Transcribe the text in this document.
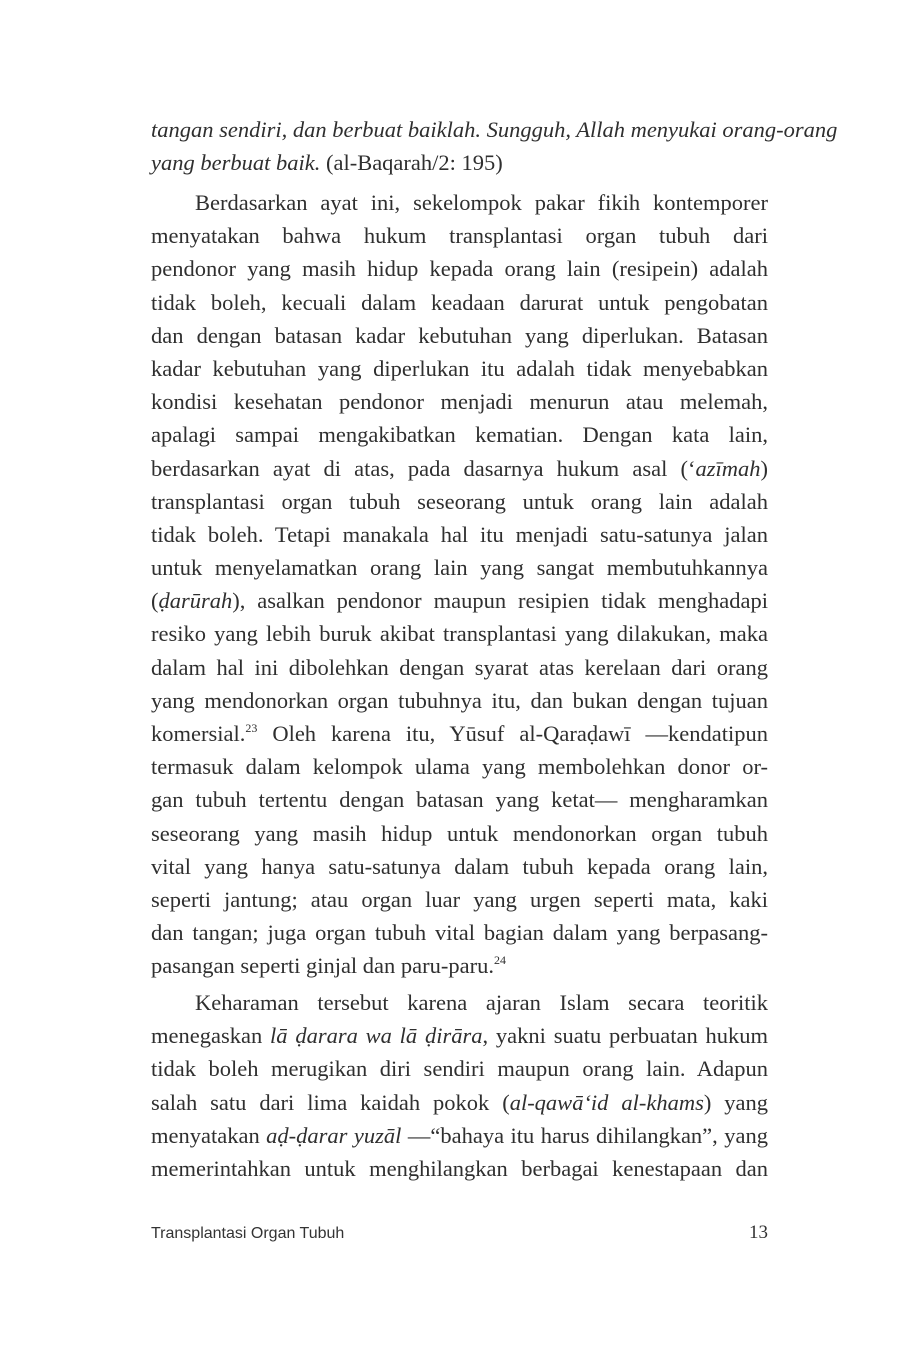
tangan sendiri, dan berbuat baiklah. Sungguh, Allah menyukai orang-orang
yang berbuat baik. (al-Baqarah/2: 195)
Berdasarkan ayat ini, sekelompok pakar fikih kontemporer
menyatakan bahwa hukum transplantasi organ tubuh dari
pendonor yang masih hidup kepada orang lain (resipein) adalah
tidak boleh, kecuali dalam keadaan darurat untuk pengobatan
dan dengan batasan kadar kebutuhan yang diperlukan. Batasan
kadar kebutuhan yang diperlukan itu adalah tidak menyebabkan
kondisi kesehatan pendonor menjadi menurun atau melemah,
apalagi sampai mengakibatkan kematian. Dengan kata lain,
berdasarkan ayat di atas, pada dasarnya hukum asal (‘azīmah)
transplantasi organ tubuh seseorang untuk orang lain adalah
tidak boleh. Tetapi manakala hal itu menjadi satu-satunya jalan
untuk menyelamatkan orang lain yang sangat membutuhkannya
(ḍarūrah), asalkan pendonor maupun resipien tidak menghadapi
resiko yang lebih buruk akibat transplantasi yang dilakukan, maka
dalam hal ini dibolehkan dengan syarat atas kerelaan dari orang
yang mendonorkan organ tubuhnya itu, dan bukan dengan tujuan
komersial.$^{23}$ Oleh karena itu, Yūsuf al-Qaraḍawī —kendatipun
termasuk dalam kelompok ulama yang membolehkan donor or-
gan tubuh tertentu dengan batasan yang ketat— mengharamkan
seseorang yang masih hidup untuk mendonorkan organ tubuh
vital yang hanya satu-satunya dalam tubuh kepada orang lain,
seperti jantung; atau organ luar yang urgen seperti mata, kaki
dan tangan; juga organ tubuh vital bagian dalam yang berpasang-
pasangan seperti ginjal dan paru-paru.$^{24}$
Keharaman tersebut karena ajaran Islam secara teoritik
menegaskan lā ḍarara wa lā ḍirāra, yakni suatu perbuatan hukum
tidak boleh merugikan diri sendiri maupun orang lain. Adapun
salah satu dari lima kaidah pokok (al-qawā‘id al-khams) yang
menyatakan aḍ-ḍarar yuzāl —“bahaya itu harus dihilangkan”, yang
memerintahkan untuk menghilangkan berbagai kenestapaan dan
Transplantasi Organ Tubuh	13
